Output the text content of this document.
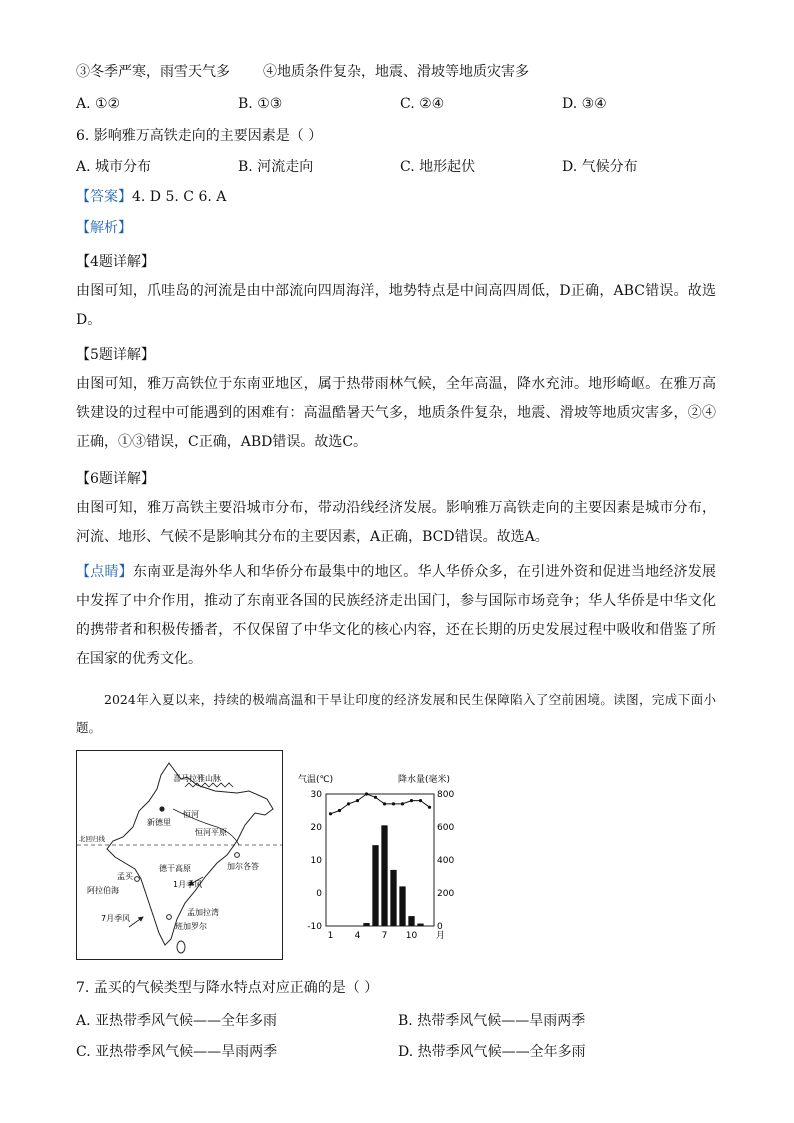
③冬季严寒，雨雪天气多 ④地质条件复杂，地震、滑坡等地质灾害多
A. ①②	B. ①③	C. ②④	D. ③④
6. 影响雅万高铁走向的主要因素是（ ）
A. 城市分布	B. 河流走向	C. 地形起伏	D. 气候分布
【答案】4. D 5. C 6. A
【解析】
【4题详解】
由图可知，爪哇岛的河流是由中部流向四周海洋，地势特点是中间高四周低，D正确，ABC错误。故选D。
【5题详解】
由图可知，雅万高铁位于东南亚地区，属于热带雨林气候，全年高温，降水充沛。地形崎岖。在雅万高铁建设的过程中可能遇到的困难有：高温酷暑天气多，地质条件复杂，地震、滑坡等地质灾害多，②④正确，①③错误，C正确，ABD错误。故选C。
【6题详解】
由图可知，雅万高铁主要沿城市分布，带动沿线经济发展。影响雅万高铁走向的主要因素是城市分布，河流、地形、气候不是影响其分布的主要因素，A正确，BCD错误。故选A。
【点睛】东南亚是海外华人和华侨分布最集中的地区。华人华侨众多，在引进外资和促进当地经济发展中发挥了中介作用，推动了东南亚各国的民族经济走出国门，参与国际市场竞争；华人华侨是中华文化的携带者和积极传播者，不仅保留了中华文化的核心内容，还在长期的历史发展过程中吸收和借鉴了所在国家的优秀文化。
2024年入夏以来，持续的极端高温和干旱让印度的经济发展和民生保障陷入了空前困境。读图，完成下面小题。
喜马拉雅山脉
新德里
恒河
恒河平原
北回归线
加尔各答
孟买
阿拉伯海
德干高原
1月季风
孟加拉湾
7月季风
班加罗尔
气温(℃)	降水量(毫米)
30
20
10
0
-10
800
600
400
200
0
1 4 7 10 月
7. 孟买的气候类型与降水特点对应正确的是（ ）
A. 亚热带季风气候——全年多雨	B. 热带季风气候——旱雨两季
C. 亚热带季风气候——旱雨两季	D. 热带季风气候——全年多雨
